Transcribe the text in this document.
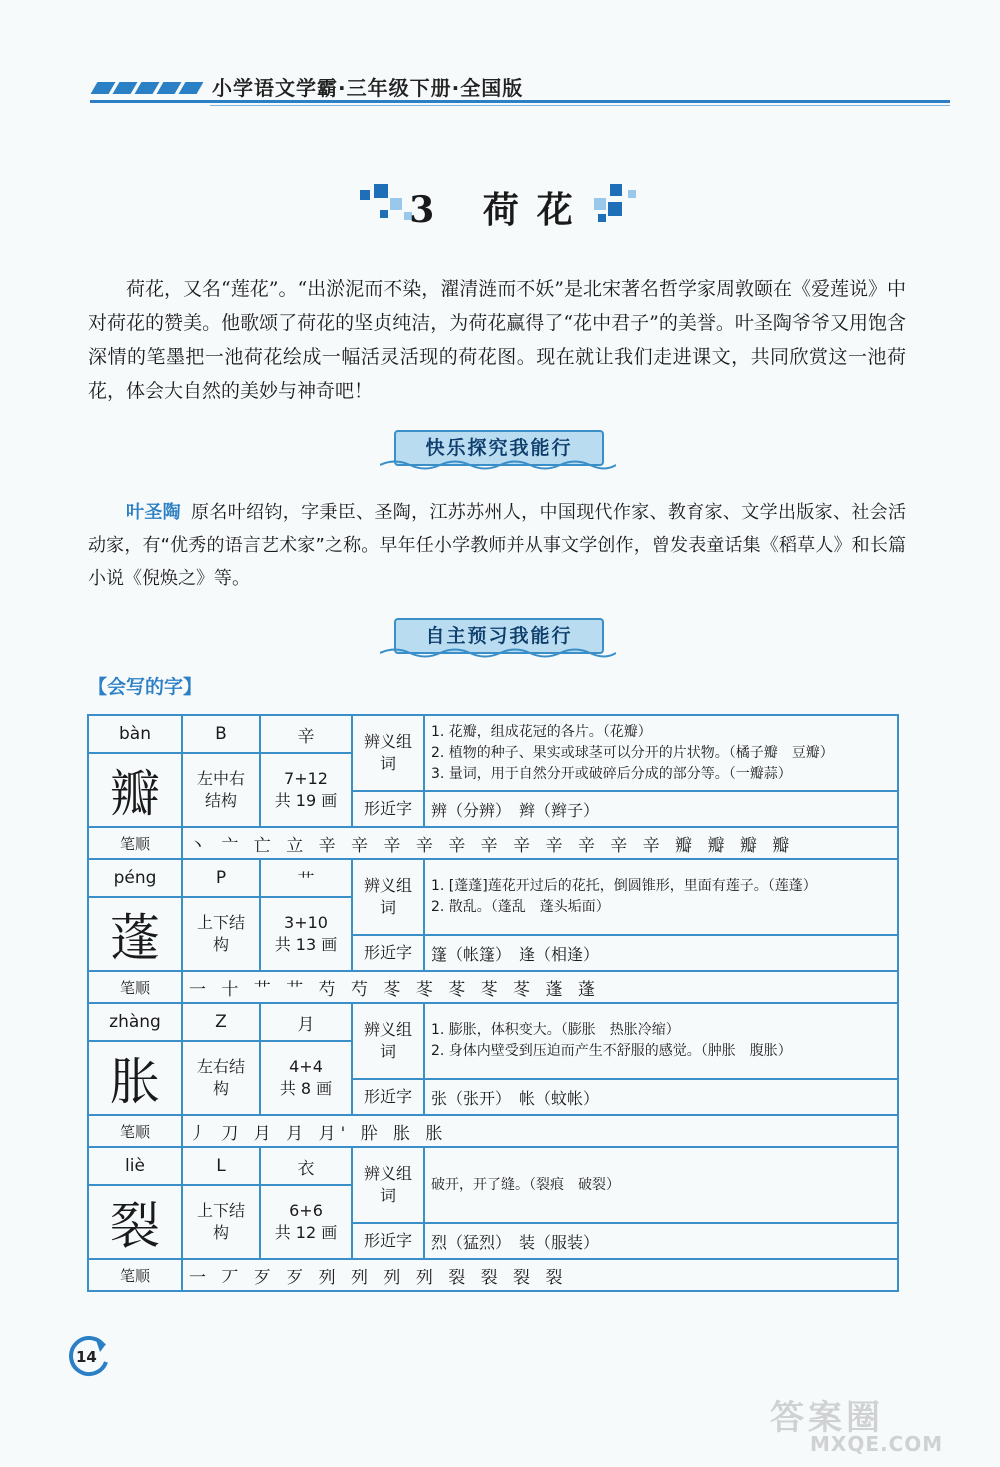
小学语文学霸·三年级下册·全国版
3 荷花
荷花，又名“莲花”。“出淤泥而不染，濯清涟而不妖”是北宋著名哲学家周敦颐在《爱莲说》中对荷花的赞美。他歌颂了荷花的坚贞纯洁，为荷花赢得了“花中君子”的美誉。叶圣陶爷爷又用饱含深情的笔墨把一池荷花绘成一幅活灵活现的荷花图。现在就让我们走进课文，共同欣赏这一池荷花，体会大自然的美妙与神奇吧！
快乐探究我能行
叶圣陶 原名叶绍钧，字秉臣、圣陶，江苏苏州人，中国现代作家、教育家、文学出版家、社会活动家，有“优秀的语言艺术家”之称。早年任小学教师并从事文学创作，曾发表童话集《稻草人》和长篇小说《倪焕之》等。
自主预习我能行
【会写的字】
bàn	B	辛	辨义组词	1. 花瓣，组成花冠的各片。（花瓣）
2. 植物的种子、果实或球茎可以分开的片状物。（橘子瓣　豆瓣）
3. 量词，用于自然分开或破碎后分成的部分等。（一瓣蒜）

瓣	左中右结构	7+12
共 19 画		

			形近字	辨（分辨）　辫（辫子）
笔顺	丶 亠 亡 立 辛 辛 辛 辛 辛 辛 辛 辛 辛 辛 辛 瓣 瓣 瓣 瓣			
péng	P	艹	辨义组词	1. [蓬蓬]莲花开过后的花托，倒圆锥形，里面有莲子。（莲蓬）
2. 散乱。（蓬乱　蓬头垢面）

蓬	上下结构	3+10
共 13 画		

			形近字	篷（帐篷）　逢（相逢）
笔顺	一 十 艹 艹 芍 芍 苳 苳 苳 苳 苳 蓬 蓬			
zhàng	Z	月	辨义组词	1. 膨胀，体积变大。（膨胀　热胀冷缩）
2. 身体内壁受到压迫而产生不舒服的感觉。（肿胀　腹胀）

胀	左右结构	4+4
共 8 画		

			形近字	张（张开）　帐（蚊帐）
笔顺	丿 刀 月 月 月' 肸 胀 胀			
liè	L	衣	辨义组词	破开，开了缝。（裂痕　破裂）

裂	上下结构	6+6
共 12 画		

			形近字	烈（猛烈）　装（服装）
笔顺	一 丆 歹 歹 列 列 列 列 裂 裂 裂 裂			
14
答案圈
MXQE.COM
